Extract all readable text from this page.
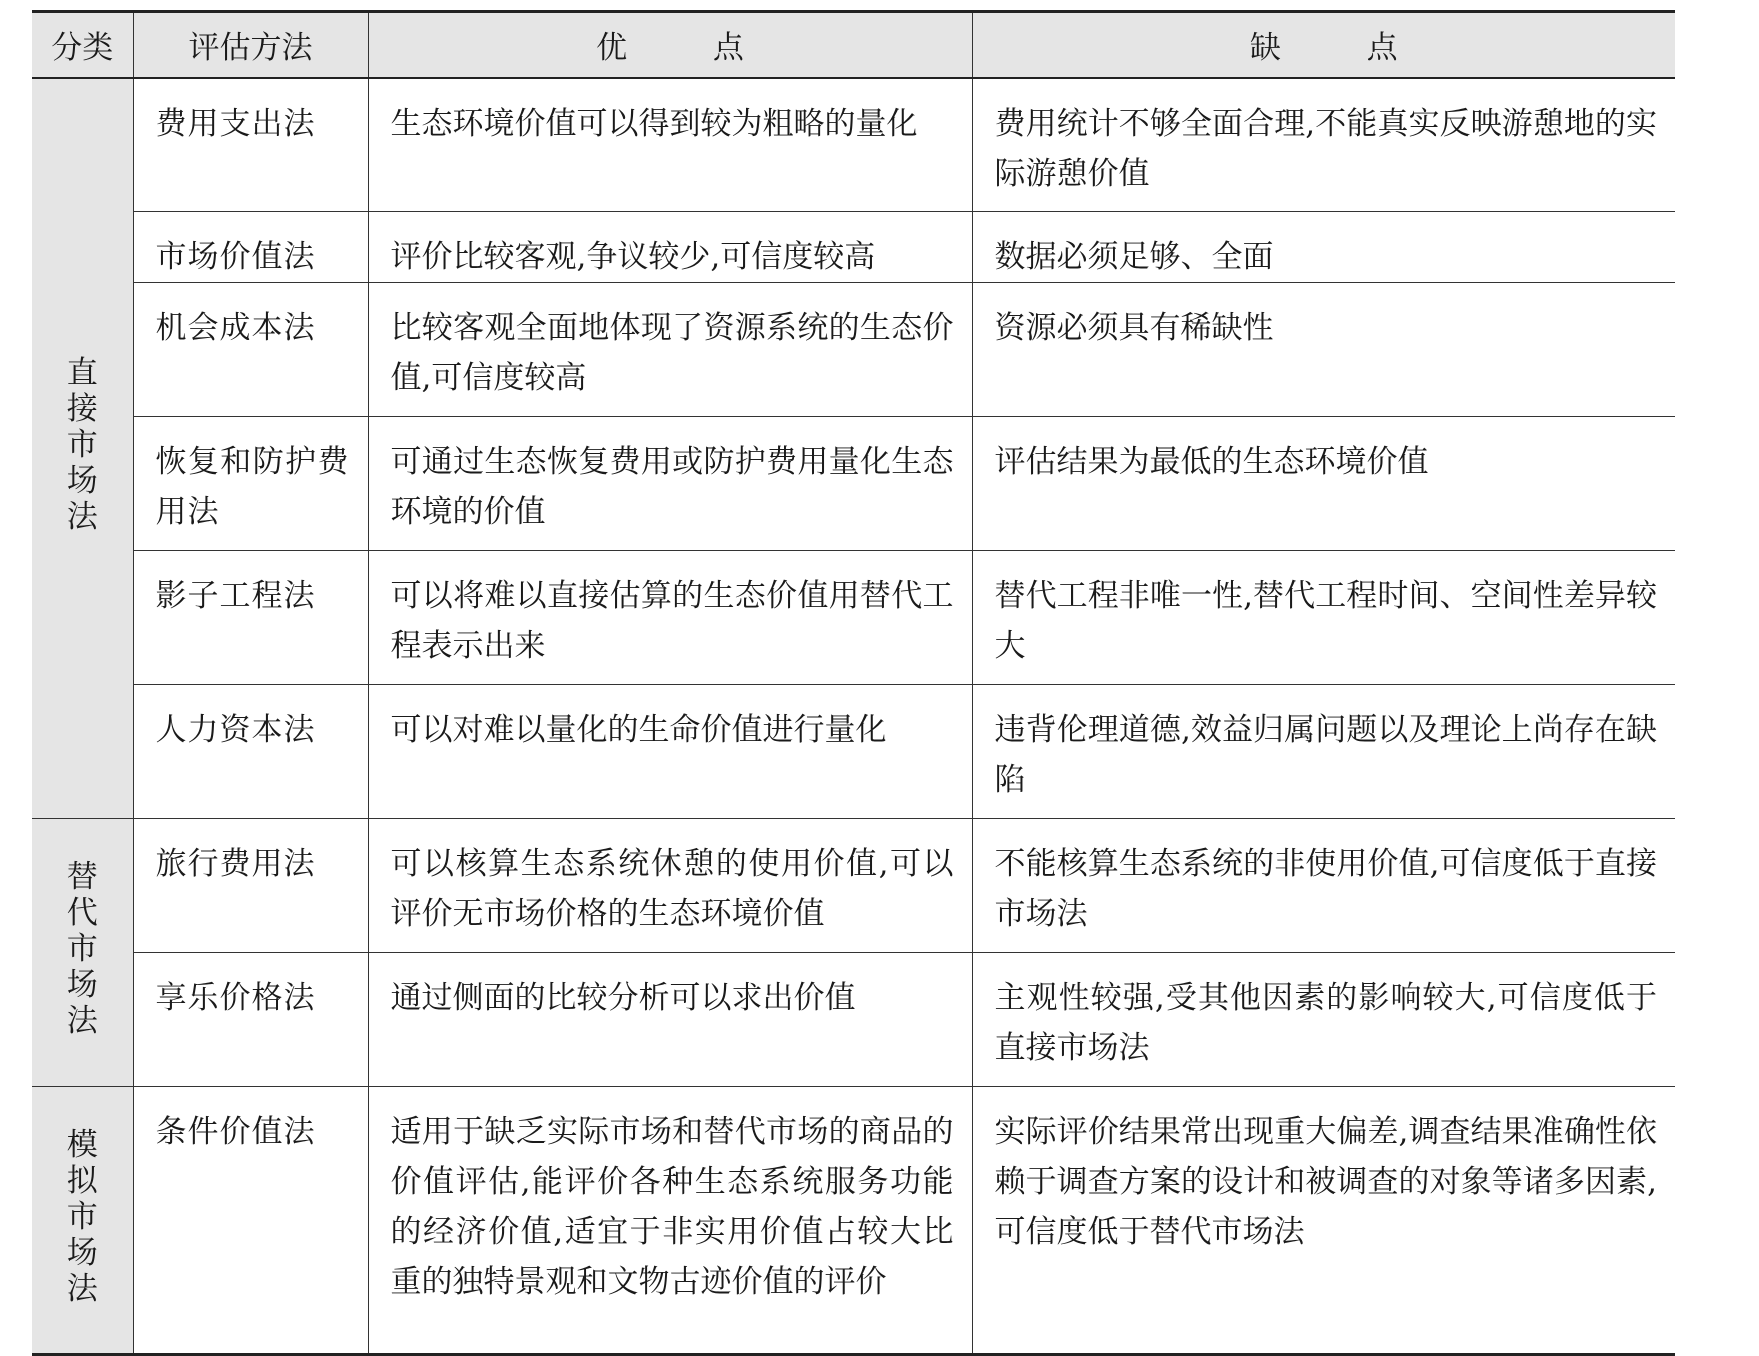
分类	评估方法	优 点	缺 点
直接市场法	费用支出法	生态环境价值可以得到较为粗略的量化	费用统计不够全面合理,不能真实反映游憩地的实际游憩价值
	市场价值法	评价比较客观,争议较少,可信度较高	数据必须足够、全面
	机会成本法	比较客观全面地体现了资源系统的生态价值,可信度较高	资源必须具有稀缺性
	恢复和防护费用法	可通过生态恢复费用或防护费用量化生态环境的价值	评估结果为最低的生态环境价值
	影子工程法	可以将难以直接估算的生态价值用替代工程表示出来	替代工程非唯一性,替代工程时间、空间性差异较大
	人力资本法	可以对难以量化的生命价值进行量化	违背伦理道德,效益归属问题以及理论上尚存在缺陷
替代市场法	旅行费用法	可以核算生态系统休憩的使用价值,可以评价无市场价格的生态环境价值	不能核算生态系统的非使用价值,可信度低于直接市场法
	享乐价格法	通过侧面的比较分析可以求出价值	主观性较强,受其他因素的影响较大,可信度低于直接市场法
模拟市场法	条件价值法	适用于缺乏实际市场和替代市场的商品的价值评估,能评价各种生态系统服务功能的经济价值,适宜于非实用价值占较大比重的独特景观和文物古迹价值的评价	实际评价结果常出现重大偏差,调查结果准确性依赖于调查方案的设计和被调查的对象等诸多因素,可信度低于替代市场法
